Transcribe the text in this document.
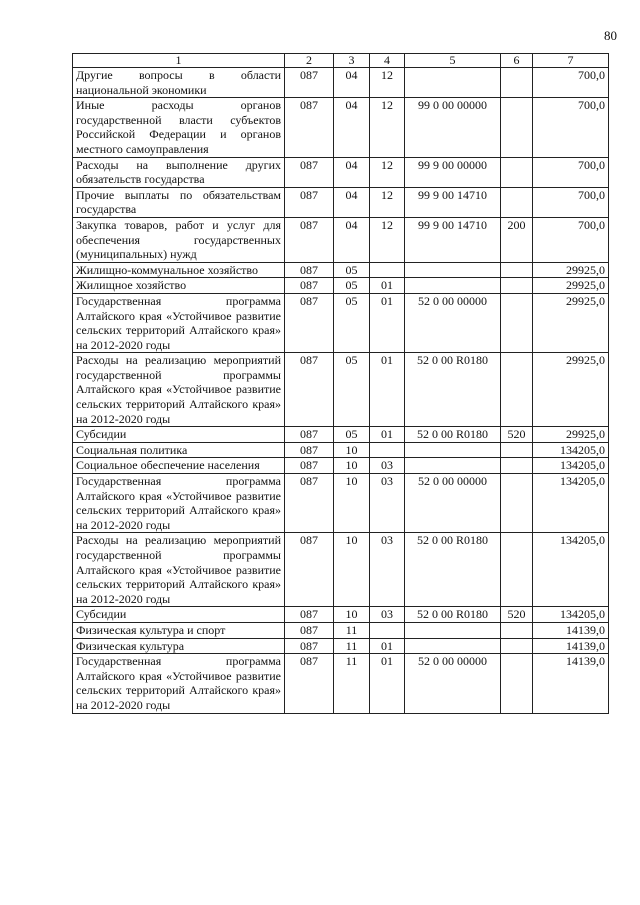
80
1	2	3	4	5	6	7
Другие вопросы в области национальной экономики	087	04	12			700,0
Иные расходы органов государственной власти субъектов Российской Федерации и органов местного самоуправления	087	04	12	99 0 00 00000		700,0
Расходы на выполнение других обязательств государства	087	04	12	99 9 00 00000		700,0
Прочие выплаты по обязательствам государства	087	04	12	99 9 00 14710		700,0
Закупка товаров, работ и услуг для обеспечения государственных (муниципальных) нужд	087	04	12	99 9 00 14710	200	700,0
Жилищно-коммунальное хозяйство	087	05				29925,0
Жилищное хозяйство	087	05	01			29925,0
Государственная программа Алтайского края «Устойчивое развитие сельских территорий Алтайского края» на 2012-2020 годы	087	05	01	52 0 00 00000		29925,0
Расходы на реализацию мероприятий государственной программы Алтайского края «Устойчивое развитие сельских территорий Алтайского края» на 2012-2020 годы	087	05	01	52 0 00 R0180		29925,0
Субсидии	087	05	01	52 0 00 R0180	520	29925,0
Социальная политика	087	10				134205,0
Социальное обеспечение населения	087	10	03			134205,0
Государственная программа Алтайского края «Устойчивое развитие сельских территорий Алтайского края» на 2012-2020 годы	087	10	03	52 0 00 00000		134205,0
Расходы на реализацию мероприятий государственной программы Алтайского края «Устойчивое развитие сельских территорий Алтайского края» на 2012-2020 годы	087	10	03	52 0 00 R0180		134205,0
Субсидии	087	10	03	52 0 00 R0180	520	134205,0
Физическая культура и спорт	087	11				14139,0
Физическая культура	087	11	01			14139,0
Государственная программа Алтайского края «Устойчивое развитие сельских территорий Алтайского края» на 2012-2020 годы	087	11	01	52 0 00 00000		14139,0
